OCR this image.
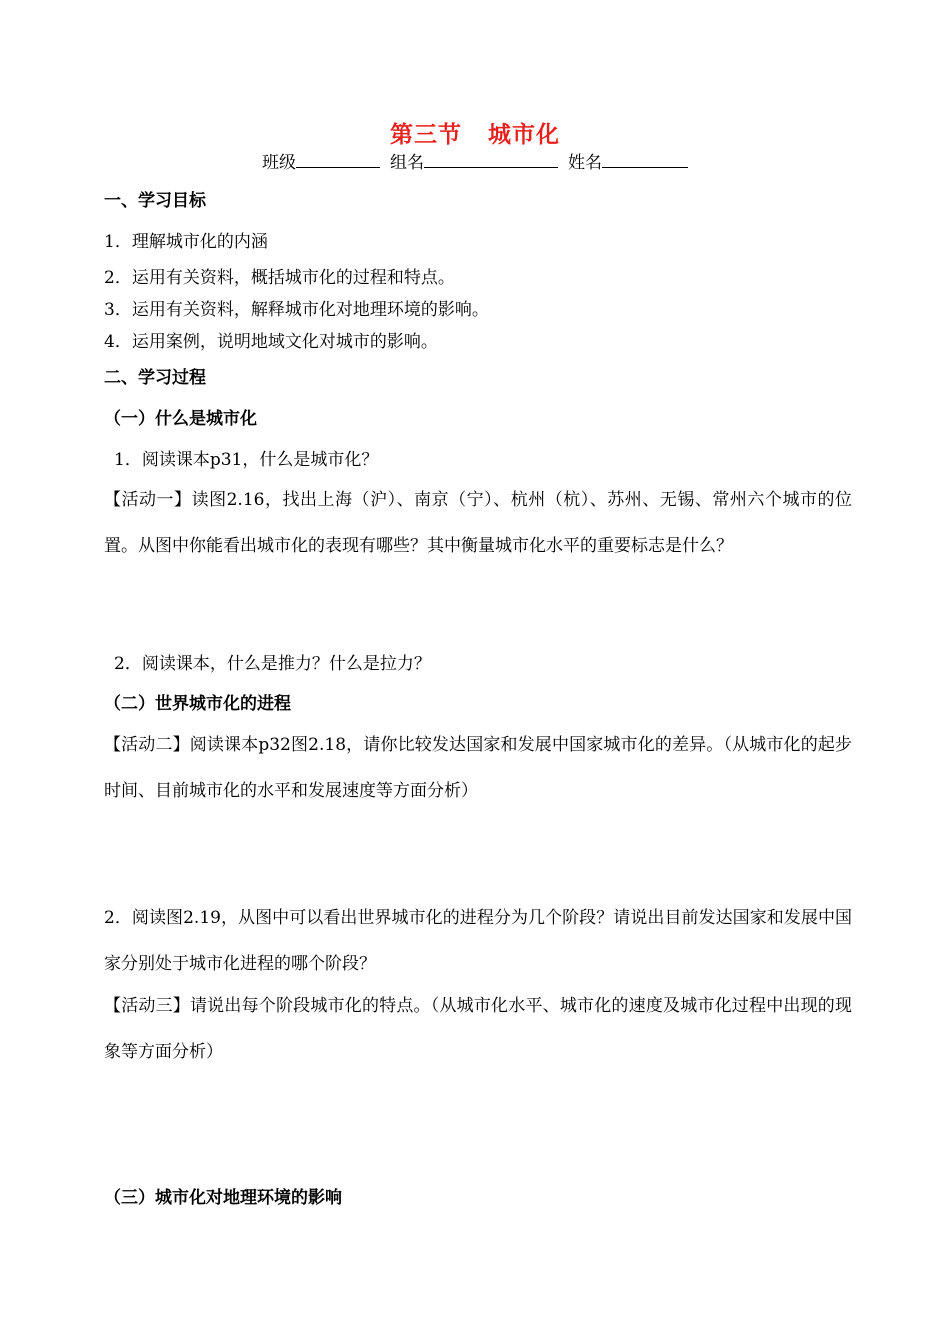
第三节 城市化
班级	组名	姓名
一、学习目标
1．理解城市化的内涵
2．运用有关资料，概括城市化的过程和特点。
3．运用有关资料，解释城市化对地理环境的影响。
4．运用案例，说明地域文化对城市的影响。
二、学习过程
（一）什么是城市化
1．阅读课本p31，什么是城市化？
【活动一】读图2.16，找出上海（沪）、南京（宁）、杭州（杭）、苏州、无锡、常州六个城市的位置。从图中你能看出城市化的表现有哪些？其中衡量城市化水平的重要标志是什么？
2．阅读课本，什么是推力？什么是拉力？
（二）世界城市化的进程
【活动二】阅读课本p32图2.18，请你比较发达国家和发展中国家城市化的差异。（从城市化的起步时间、目前城市化的水平和发展速度等方面分析）
2．阅读图2.19，从图中可以看出世界城市化的进程分为几个阶段？请说出目前发达国家和发展中国家分别处于城市化进程的哪个阶段？
【活动三】请说出每个阶段城市化的特点。（从城市化水平、城市化的速度及城市化过程中出现的现象等方面分析）
（三）城市化对地理环境的影响
